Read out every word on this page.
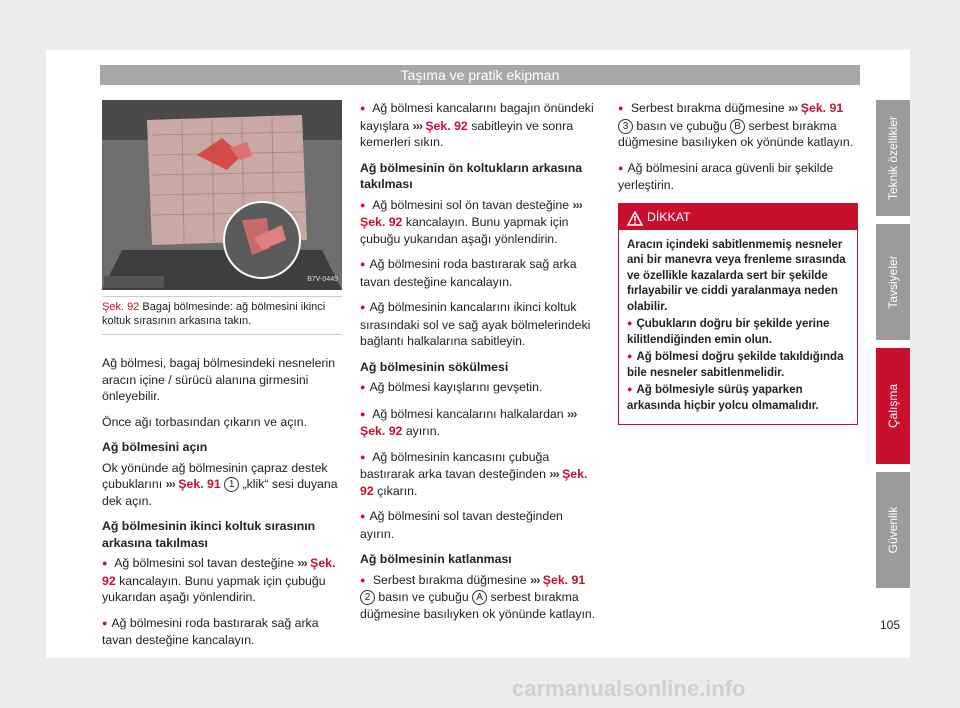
Taşıma ve pratik ekipman
B7V-0449
Şek. 92 Bagaj bölmesinde: ağ bölmesini ikinci koltuk sırasının arkasına takın.

Ağ bölmesi, bagaj bölmesindeki nesnelerin aracın içine / sürücü alanına girmesini önleyebilir.

Önce ağı torbasından çıkarın ve açın.

Ağ bölmesini açın

Ok yönünde ağ bölmesinin çapraz destek çubuklarını ››› Şek. 91 1 „klik“ sesi duyana dek açın.

Ağ bölmesinin ikinci koltuk sırasının arkasına takılması

● Ağ bölmesini sol tavan desteğine ››› Şek. 92 kancalayın. Bunu yapmak için çubuğu yukarıdan aşağı yönlendirin.

● Ağ bölmesini roda bastırarak sağ arka tavan desteğine kancalayın.

● Ağ bölmesi kancalarını bagajın önündeki kayışlara ››› Şek. 92 sabitleyin ve sonra kemerleri sıkın.

Ağ bölmesinin ön koltukların arkasına takılması

● Ağ bölmesini sol ön tavan desteğine ››› Şek. 92 kancalayın. Bunu yapmak için çubuğu yukarıdan aşağı yönlendirin.

● Ağ bölmesini roda bastırarak sağ arka tavan desteğine kancalayın.

● Ağ bölmesinin kancalarını ikinci koltuk sırasındaki sol ve sağ ayak bölmelerindeki bağlantı halkalarına sabitleyin.

Ağ bölmesinin sökülmesi

● Ağ bölmesi kayışlarını gevşetin.

● Ağ bölmesi kancalarını halkalardan ››› Şek. 92 ayırın.

● Ağ bölmesinin kancasını çubuğa bastırarak arka tavan desteğinden ››› Şek. 92 çıkarın.

● Ağ bölmesini sol tavan desteğinden ayırın.

Ağ bölmesinin katlanması

● Serbest bırakma düğmesine ››› Şek. 91 2 basın ve çubuğu A serbest bırakma düğmesine basılıyken ok yönünde katlayın.

● Serbest bırakma düğmesine ››› Şek. 91 3 basın ve çubuğu B serbest bırakma düğmesine basılıyken ok yönünde katlayın.

● Ağ bölmesini araca güvenli bir şekilde yerleştirin.

DİKKAT

Aracın içindeki sabitlenmemiş nesneler ani bir manevra veya frenleme sırasında ve özellikle kazalarda sert bir şekilde fırlayabilir ve ciddi yaralanmaya neden olabilir.

● Çubukların doğru bir şekilde yerine kilitlendiğinden emin olun.

● Ağ bölmesi doğru şekilde takıldığında bile nesneler sabitlenmelidir.

● Ağ bölmesiyle sürüş yaparken arkasında hiçbir yolcu olmamalıdır.

Teknik özellikler
Tavsiyeler
Çalışma
Güvenlik
105
carmanualsonline.info
